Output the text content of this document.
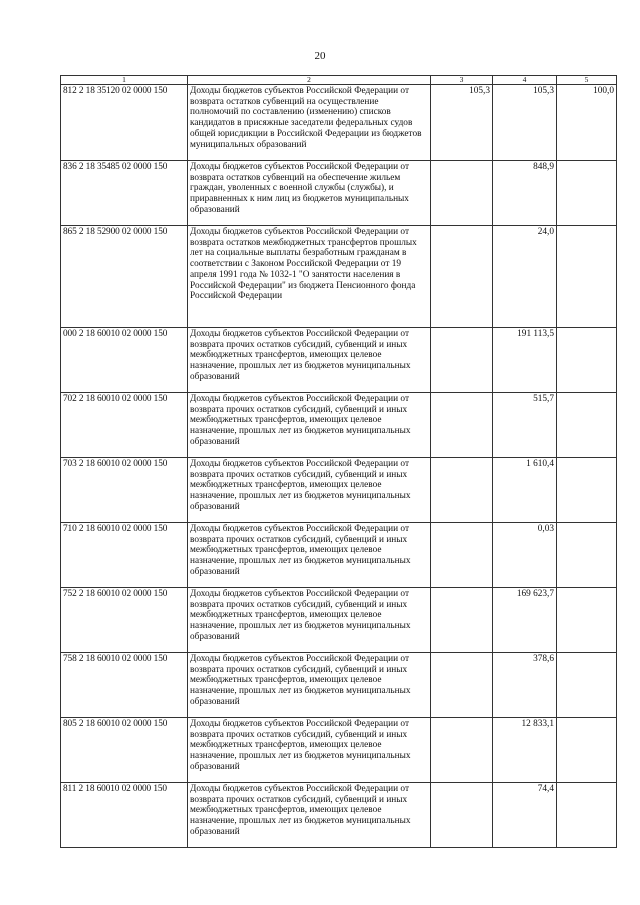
20
1	2	3	4	5
812 2 18 35120 02 0000 150	Доходы бюджетов субъектов Российской Федерации от возврата остатков субвенций на осуществление полномочий по составлению (изменению) списков кандидатов в присяжные заседатели федеральных судов общей юрисдикции в Российской Федерации из бюджетов муниципальных образований	105,3	105,3	100,0
836 2 18 35485 02 0000 150	Доходы бюджетов субъектов Российской Федерации от возврата остатков субвенций на обеспечение жильем граждан, уволенных с военной службы (службы), и приравненных к ним лиц из бюджетов муниципальных образований		848,9	
865 2 18 52900 02 0000 150	Доходы бюджетов субъектов Российской Федерации от возврата остатков межбюджетных трансфертов прошлых лет на социальные выплаты безработным гражданам в соответствии с Законом Российской Федерации от 19 апреля 1991 года № 1032-1 "О занятости населения в Российской Федерации" из бюджета Пенсионного фонда Российской Федерации		24,0	
000 2 18 60010 02 0000 150	Доходы бюджетов субъектов Российской Федерации от возврата прочих остатков субсидий, субвенций и иных межбюджетных трансфертов, имеющих целевое назначение, прошлых лет из бюджетов муниципальных образований		191 113,5	
702 2 18 60010 02 0000 150	Доходы бюджетов субъектов Российской Федерации от возврата прочих остатков субсидий, субвенций и иных межбюджетных трансфертов, имеющих целевое назначение, прошлых лет из бюджетов муниципальных образований		515,7	
703 2 18 60010 02 0000 150	Доходы бюджетов субъектов Российской Федерации от возврата прочих остатков субсидий, субвенций и иных межбюджетных трансфертов, имеющих целевое назначение, прошлых лет из бюджетов муниципальных образований		1 610,4	
710 2 18 60010 02 0000 150	Доходы бюджетов субъектов Российской Федерации от возврата прочих остатков субсидий, субвенций и иных межбюджетных трансфертов, имеющих целевое назначение, прошлых лет из бюджетов муниципальных образований		0,03	
752 2 18 60010 02 0000 150	Доходы бюджетов субъектов Российской Федерации от возврата прочих остатков субсидий, субвенций и иных межбюджетных трансфертов, имеющих целевое назначение, прошлых лет из бюджетов муниципальных образований		169 623,7	
758 2 18 60010 02 0000 150	Доходы бюджетов субъектов Российской Федерации от возврата прочих остатков субсидий, субвенций и иных межбюджетных трансфертов, имеющих целевое назначение, прошлых лет из бюджетов муниципальных образований		378,6	
805 2 18 60010 02 0000 150	Доходы бюджетов субъектов Российской Федерации от возврата прочих остатков субсидий, субвенций и иных межбюджетных трансфертов, имеющих целевое назначение, прошлых лет из бюджетов муниципальных образований		12 833,1	
811 2 18 60010 02 0000 150	Доходы бюджетов субъектов Российской Федерации от возврата прочих остатков субсидий, субвенций и иных межбюджетных трансфертов, имеющих целевое назначение, прошлых лет из бюджетов муниципальных образований		74,4	
